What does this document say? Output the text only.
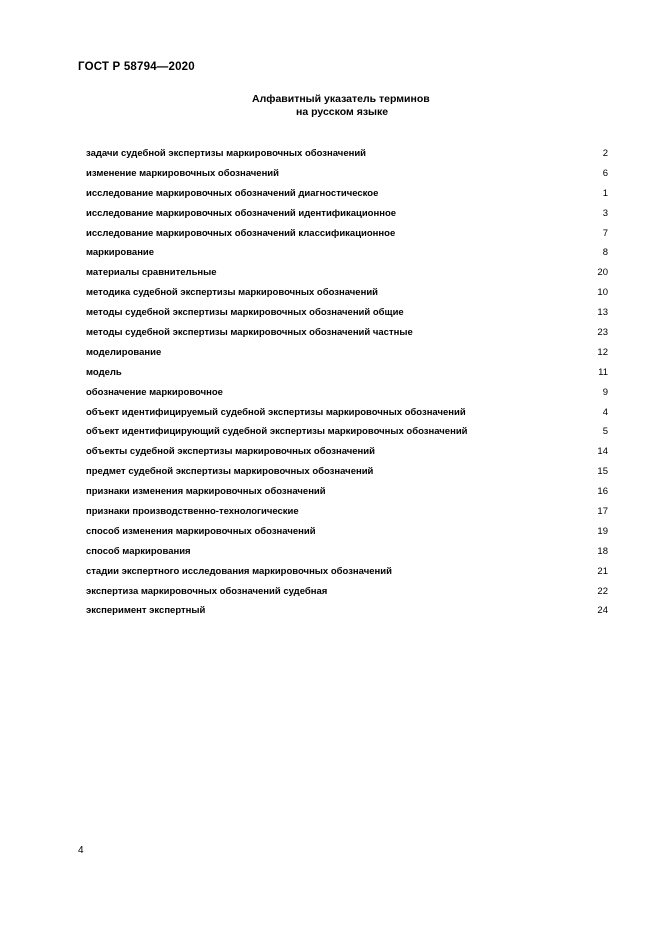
ГОСТ Р 58794—2020
Алфавитный указатель терминов
на русском языке
задачи судебной экспертизы маркировочных обозначений	2
изменение маркировочных обозначений	6
исследование маркировочных обозначений диагностическое	1
исследование маркировочных обозначений идентификационное	3
исследование маркировочных обозначений классификационное	7
маркирование	8
материалы сравнительные	20
методика судебной экспертизы маркировочных обозначений	10
методы судебной экспертизы маркировочных обозначений общие	13
методы судебной экспертизы маркировочных обозначений частные	23
моделирование	12
модель	11
обозначение маркировочное	9
объект идентифицируемый судебной экспертизы маркировочных обозначений	4
объект идентифицирующий судебной экспертизы маркировочных обозначений	5
объекты судебной экспертизы маркировочных обозначений	14
предмет судебной экспертизы маркировочных обозначений	15
признаки изменения маркировочных обозначений	16
признаки производственно-технологические	17
способ изменения маркировочных обозначений	19
способ маркирования	18
стадии экспертного исследования маркировочных обозначений	21
экспертиза маркировочных обозначений судебная	22
эксперимент экспертный	24
4
